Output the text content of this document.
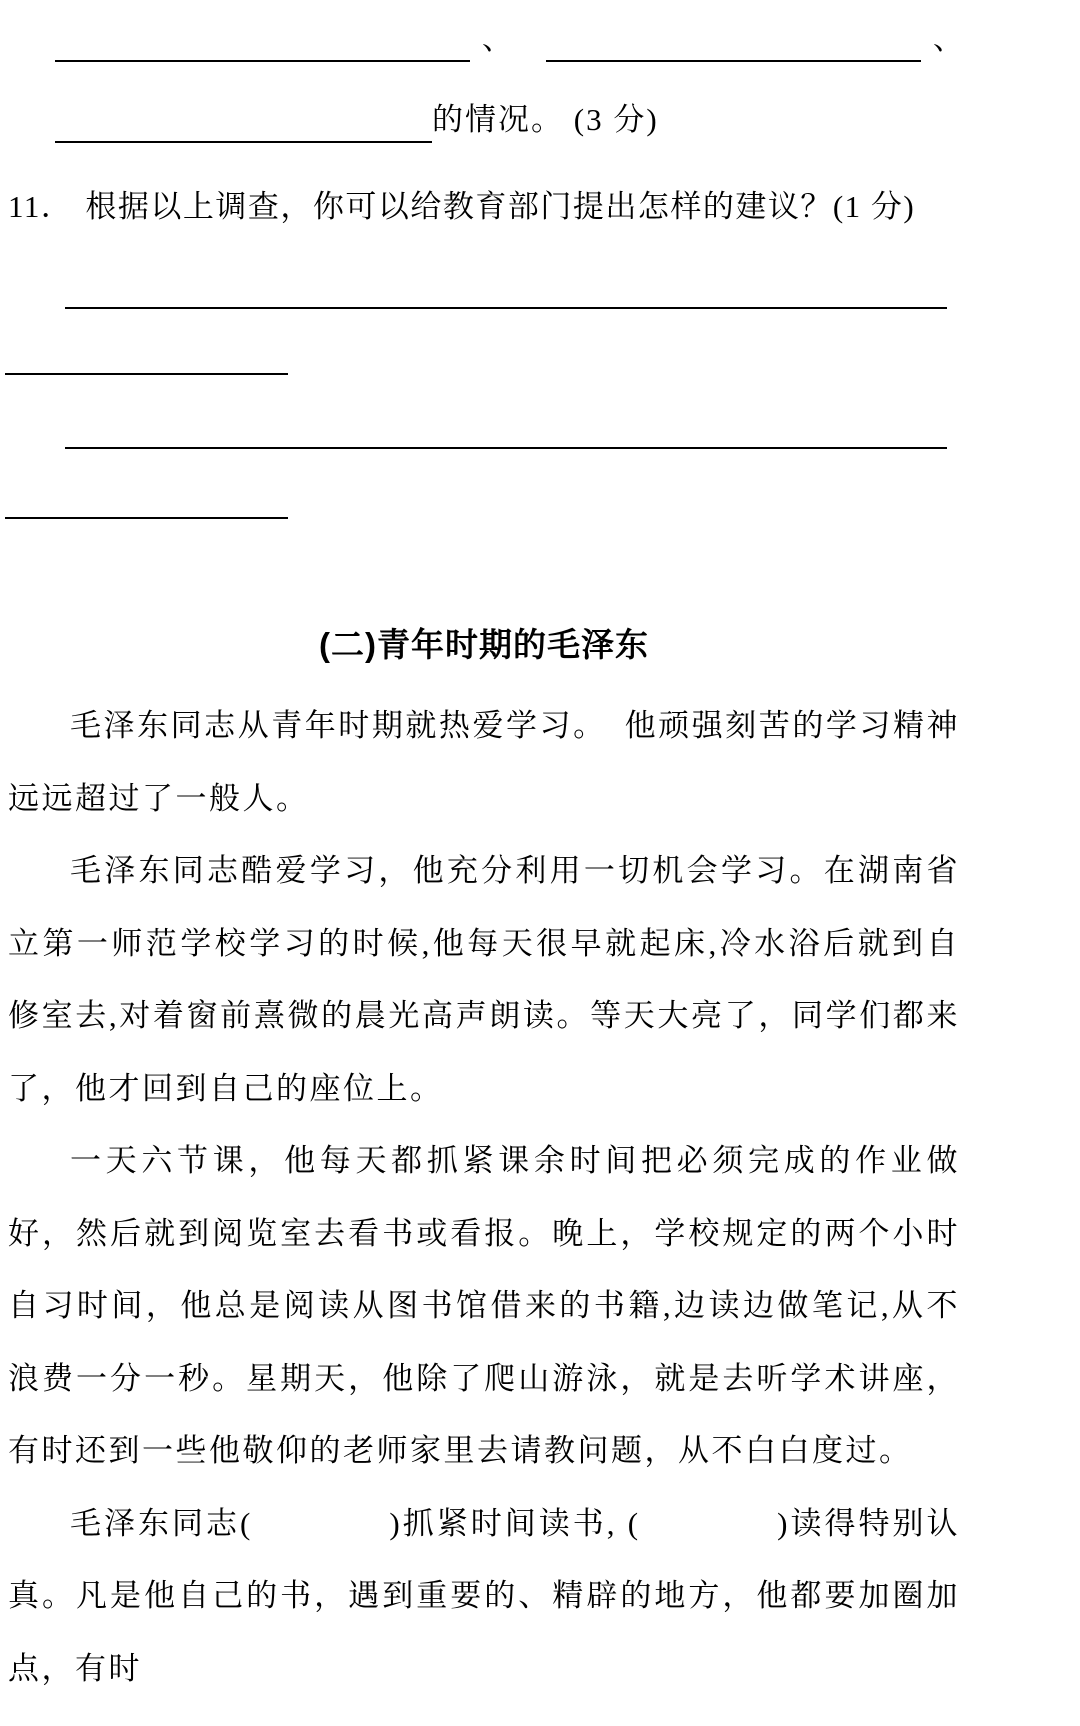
、	、
的情况。 (3 分)
11． 根据以上调查，你可以给教育部门提出怎样的建议？(1 分)
(二)青年时期的毛泽东

毛泽东同志从青年时期就热爱学习。　他顽强刻苦的学习精神远远超过了一般人。

毛泽东同志酷爱学习，他充分利用一切机会学习。在湖南省立第一师范学校学习的时候,他每天很早就起床,冷水浴后就到自修室去,对着窗前熹微的晨光高声朗读。等天大亮了，同学们都来了，他才回到自己的座位上。

一天六节课，他每天都抓紧课余时间把必须完成的作业做好，然后就到阅览室去看书或看报。晚上，学校规定的两个小时自习时间，他总是阅读从图书馆借来的书籍,边读边做笔记,从不浪费一分一秒。星期天，他除了爬山游泳，就是去听学术讲座，有时还到一些他敬仰的老师家里去请教问题，从不白白度过。

毛泽东同志(　　　　)抓紧时间读书, (　　　　)读得特别认真。凡是他自己的书，遇到重要的、精辟的地方，他都要加圈加点，有时
